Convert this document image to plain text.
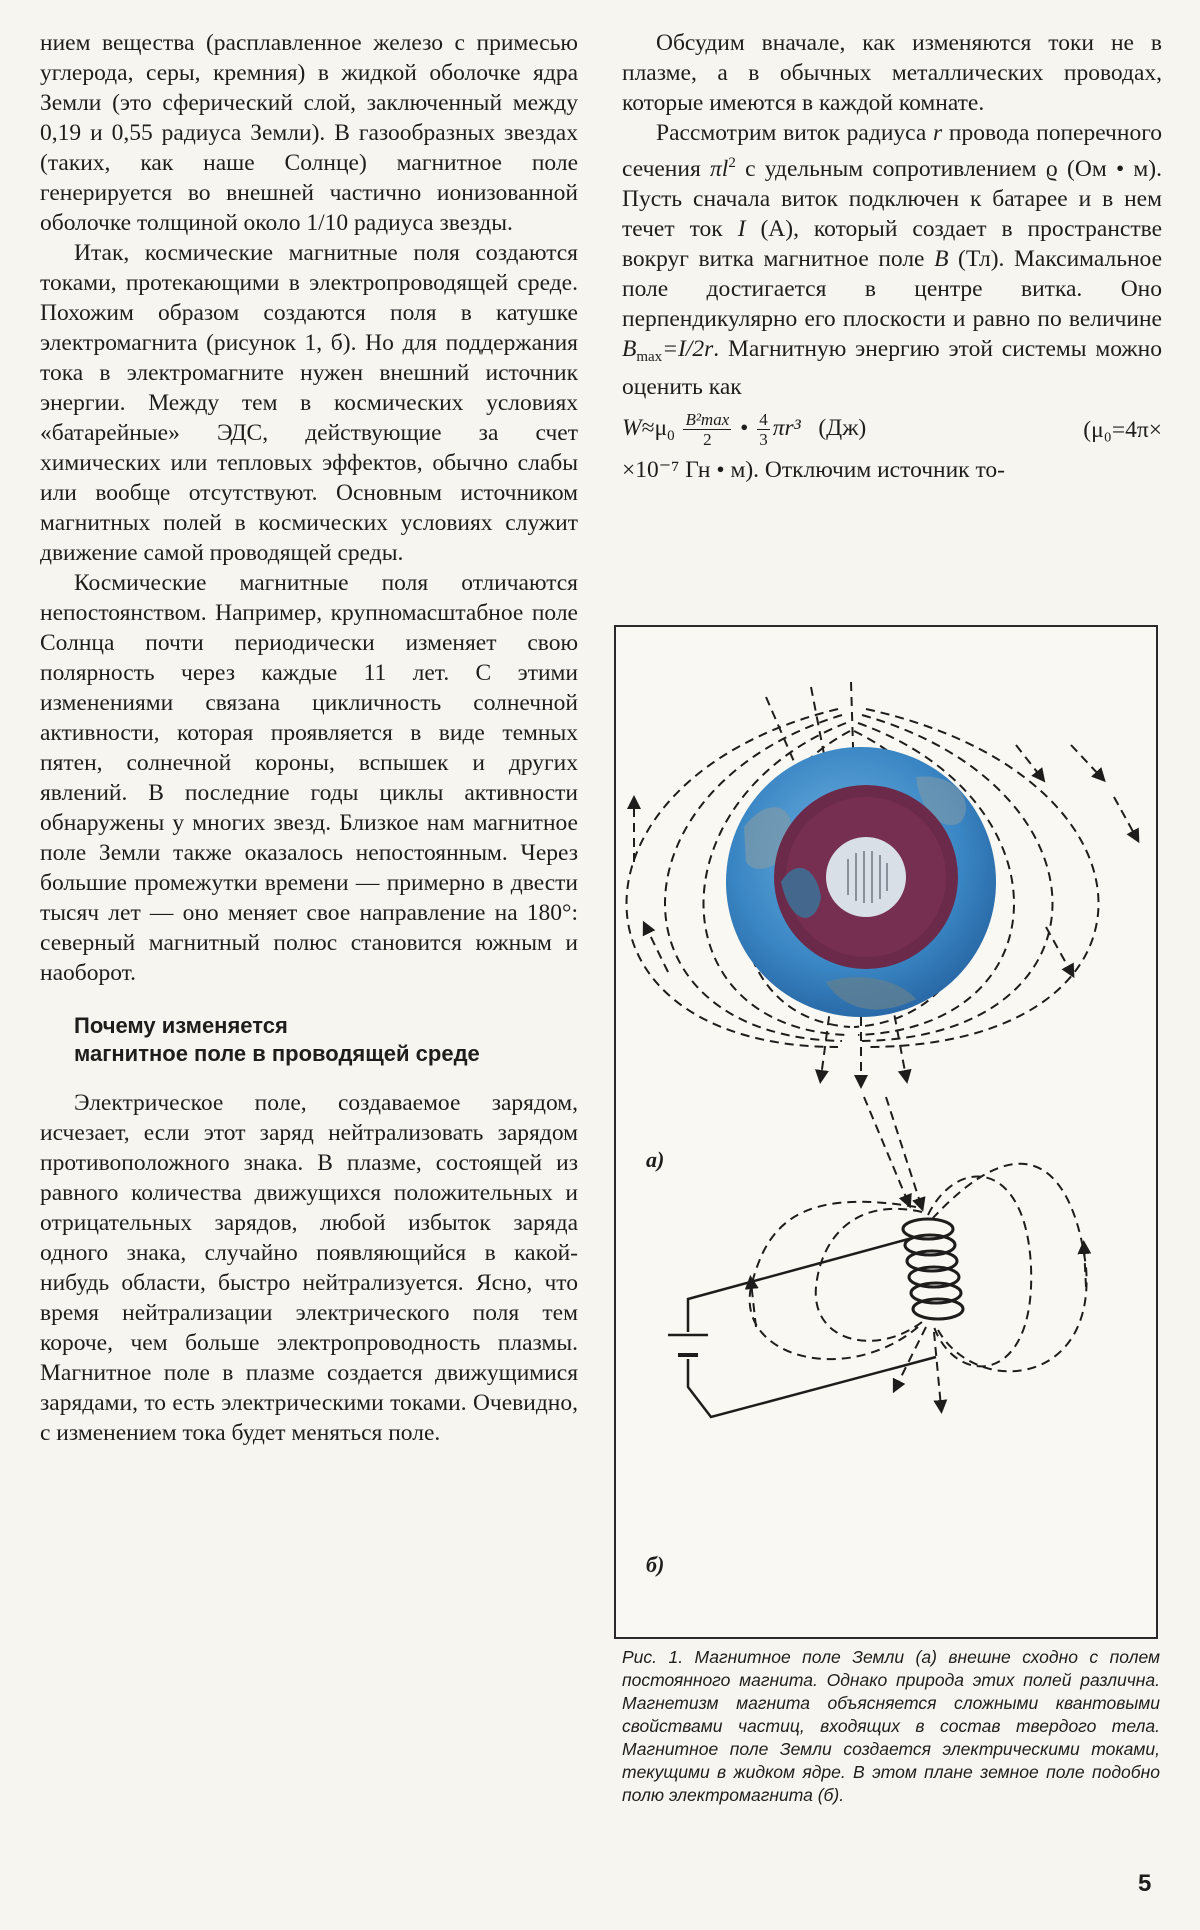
нием вещества (расплавленное железо с примесью углерода, серы, кремния) в жидкой оболочке ядра Земли (это сферический слой, заключенный между 0,19 и 0,55 радиуса Земли). В газообразных звездах (таких, как наше Солнце) магнитное поле генерируется во внешней частично ионизованной оболочке толщиной около 1/10 радиуса звезды.

Итак, космические магнитные поля создаются токами, протекающими в электропроводящей среде. Похожим образом создаются поля в катушке электромагнита (рисунок 1, б). Но для поддержания тока в электромагните нужен внешний источник энергии. Между тем в космических условиях «батарейные» ЭДС, действующие за счет химических или тепловых эффектов, обычно слабы или вообще отсутствуют. Основным источником магнитных полей в космических условиях служит движение самой проводящей среды.

Космические магнитные поля отличаются непостоянством. Например, крупномасштабное поле Солнца почти периодически изменяет свою полярность через каждые 11 лет. С этими изменениями связана цикличность солнечной активности, которая проявляется в виде темных пятен, солнечной короны, вспышек и других явлений. В последние годы циклы активности обнаружены у многих звезд. Близкое нам магнитное поле Земли также оказалось непостоянным. Через большие промежутки времени — примерно в двести тысяч лет — оно меняет свое направление на 180°: северный магнитный полюс становится южным и наоборот.

Почему изменяется
магнитное поле в проводящей среде

Электрическое поле, создаваемое зарядом, исчезает, если этот заряд нейтрализовать зарядом противоположного знака. В плазме, состоящей из равного количества движущихся положительных и отрицательных зарядов, любой избыток заряда одного знака, случайно появляющийся в какой-нибудь области, быстро нейтрализуется. Ясно, что время нейтрализации электрического поля тем короче, чем больше электропроводность плазмы. Магнитное поле в плазме создается движущимися зарядами, то есть электрическими токами. Очевидно, с изменением тока будет меняться поле.

Обсудим вначале, как изменяются токи не в плазме, а в обычных металлических проводах, которые имеются в каждой комнате.

Рассмотрим виток радиуса r провода поперечного сечения $\pi l^2$ с удельным сопротивлением ϱ (Ом • м). Пусть сначала виток подключен к батарее и в нем течет ток I (А), который создает в пространстве вокруг витка магнитное поле B (Тл). Максимальное поле достигается в центре витка. Оно перпендикулярно его плоскости и равно по величине $B_{max}=I/2r$. Магнитную энергию этой системы можно оценить как

$W\approx\mu_0 \frac{\text{B²max}}{2}$ • $\frac{4}{3} \pi r^3$ (Дж)	(μ₀=4π×

×10⁻⁷ Гн • м). Отключим источник то-

а)
б)
Рис. 1. Магнитное поле Земли (а) внешне сходно с полем постоянного магнита. Однако природа этих полей различна. Магнетизм магнита объясняется сложными квантовыми свойствами частиц, входящих в состав твердого тела. Магнитное поле Земли создается электрическими токами, текущими в жидком ядре. В этом плане земное поле подобно полю электромагнита (б).
5
